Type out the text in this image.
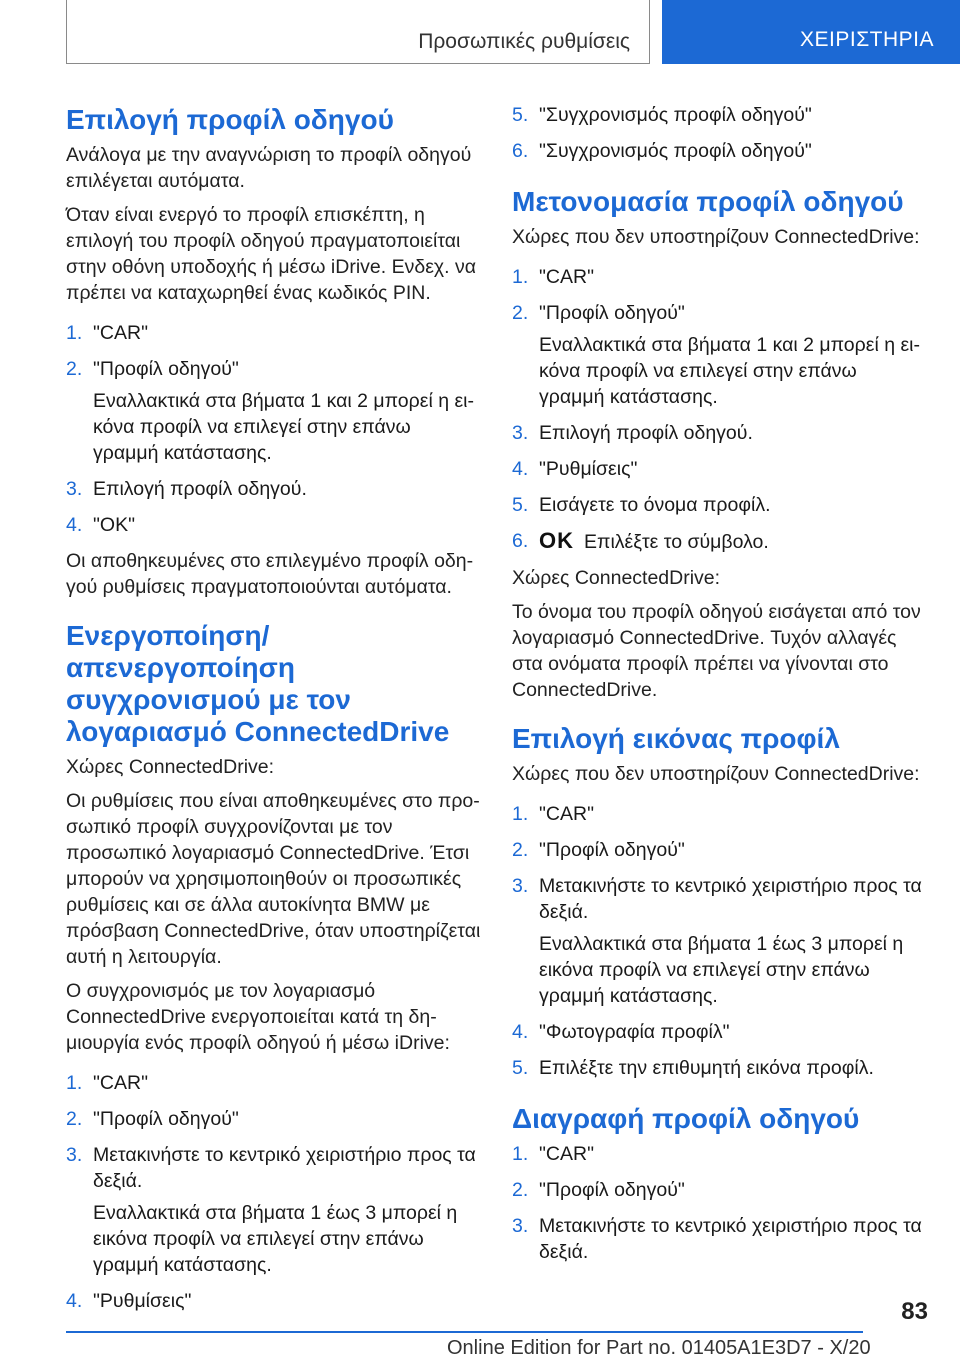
Προσωπικές ρυθμίσεις	ΧΕΙΡΙΣΤΗΡΙΑ
Επιλογή προφίλ οδηγού

Ανάλογα με την αναγνώριση το προφίλ οδηγού επιλέγεται αυτόματα.

Όταν είναι ενεργό το προφίλ επισκέπτη, η επιλογή του προφίλ οδηγού πραγματοποιείται στην οθόνη υποδοχής ή μέσω iDrive. Ενδεχ. να πρέπει να καταχωρηθεί ένας κωδικός PIN.

1. "CAR"
2. "Προφίλ οδηγού"
Εναλλακτικά στα βήματα 1 και 2 μπορεί η εικόνα προφίλ να επιλεγεί στην επάνω γραμμή κατάστασης.
3. Επιλογή προφίλ οδηγού.
4. "OK"

Οι αποθηκευμένες στο επιλεγμένο προφίλ οδηγού ρυθμίσεις πραγματοποιούνται αυτόματα.

Ενεργοποίηση/απενεργοποίηση συγχρονισμού με τον λογαριασμό ConnectedDrive

Χώρες ConnectedDrive:

Οι ρυθμίσεις που είναι αποθηκευμένες στο προσωπικό προφίλ συγχρονίζονται με τον προσωπικό λογαριασμό ConnectedDrive. Έτσι μπορούν να χρησιμοποιηθούν οι προσωπικές ρυθμίσεις και σε άλλα αυτοκίνητα BMW με πρόσβαση ConnectedDrive, όταν υποστηρίζεται αυτή η λειτουργία.

Ο συγχρονισμός με τον λογαριασμό ConnectedDrive ενεργοποιείται κατά τη δημιουργία ενός προφίλ οδηγού ή μέσω iDrive:

1. "CAR"
2. "Προφίλ οδηγού"
3. Μετακινήστε το κεντρικό χειριστήριο προς τα δεξιά.
Εναλλακτικά στα βήματα 1 έως 3 μπορεί η εικόνα προφίλ να επιλεγεί στην επάνω γραμμή κατάστασης.
4. "Ρυθμίσεις"
5. "Συγχρονισμός προφίλ οδηγού"
6. "Συγχρονισμός προφίλ οδηγού"
Μετονομασία προφίλ οδηγού

Χώρες που δεν υποστηρίζουν ConnectedDrive:

1. "CAR"
2. "Προφίλ οδηγού"
Εναλλακτικά στα βήματα 1 και 2 μπορεί η εικόνα προφίλ να επιλεγεί στην επάνω γραμμή κατάστασης.
3. Επιλογή προφίλ οδηγού.
4. "Ρυθμίσεις"
5. Εισάγετε το όνομα προφίλ.
6. OK Επιλέξτε το σύμβολο.

Χώρες ConnectedDrive:

Το όνομα του προφίλ οδηγού εισάγεται από τον λογαριασμό ConnectedDrive. Τυχόν αλλαγές στα ονόματα προφίλ πρέπει να γίνονται στο ConnectedDrive.

Επιλογή εικόνας προφίλ

Χώρες που δεν υποστηρίζουν ConnectedDrive:

1. "CAR"
2. "Προφίλ οδηγού"
3. Μετακινήστε το κεντρικό χειριστήριο προς τα δεξιά.
Εναλλακτικά στα βήματα 1 έως 3 μπορεί η εικόνα προφίλ να επιλεγεί στην επάνω γραμμή κατάστασης.
4. "Φωτογραφία προφίλ"
5. Επιλέξτε την επιθυμητή εικόνα προφίλ.
Διαγραφή προφίλ οδηγού
1. "CAR"
2. "Προφίλ οδηγού"
3. Μετακινήστε το κεντρικό χειριστήριο προς τα δεξιά.
83
Online Edition for Part no. 01405A1E3D7 - X/20
